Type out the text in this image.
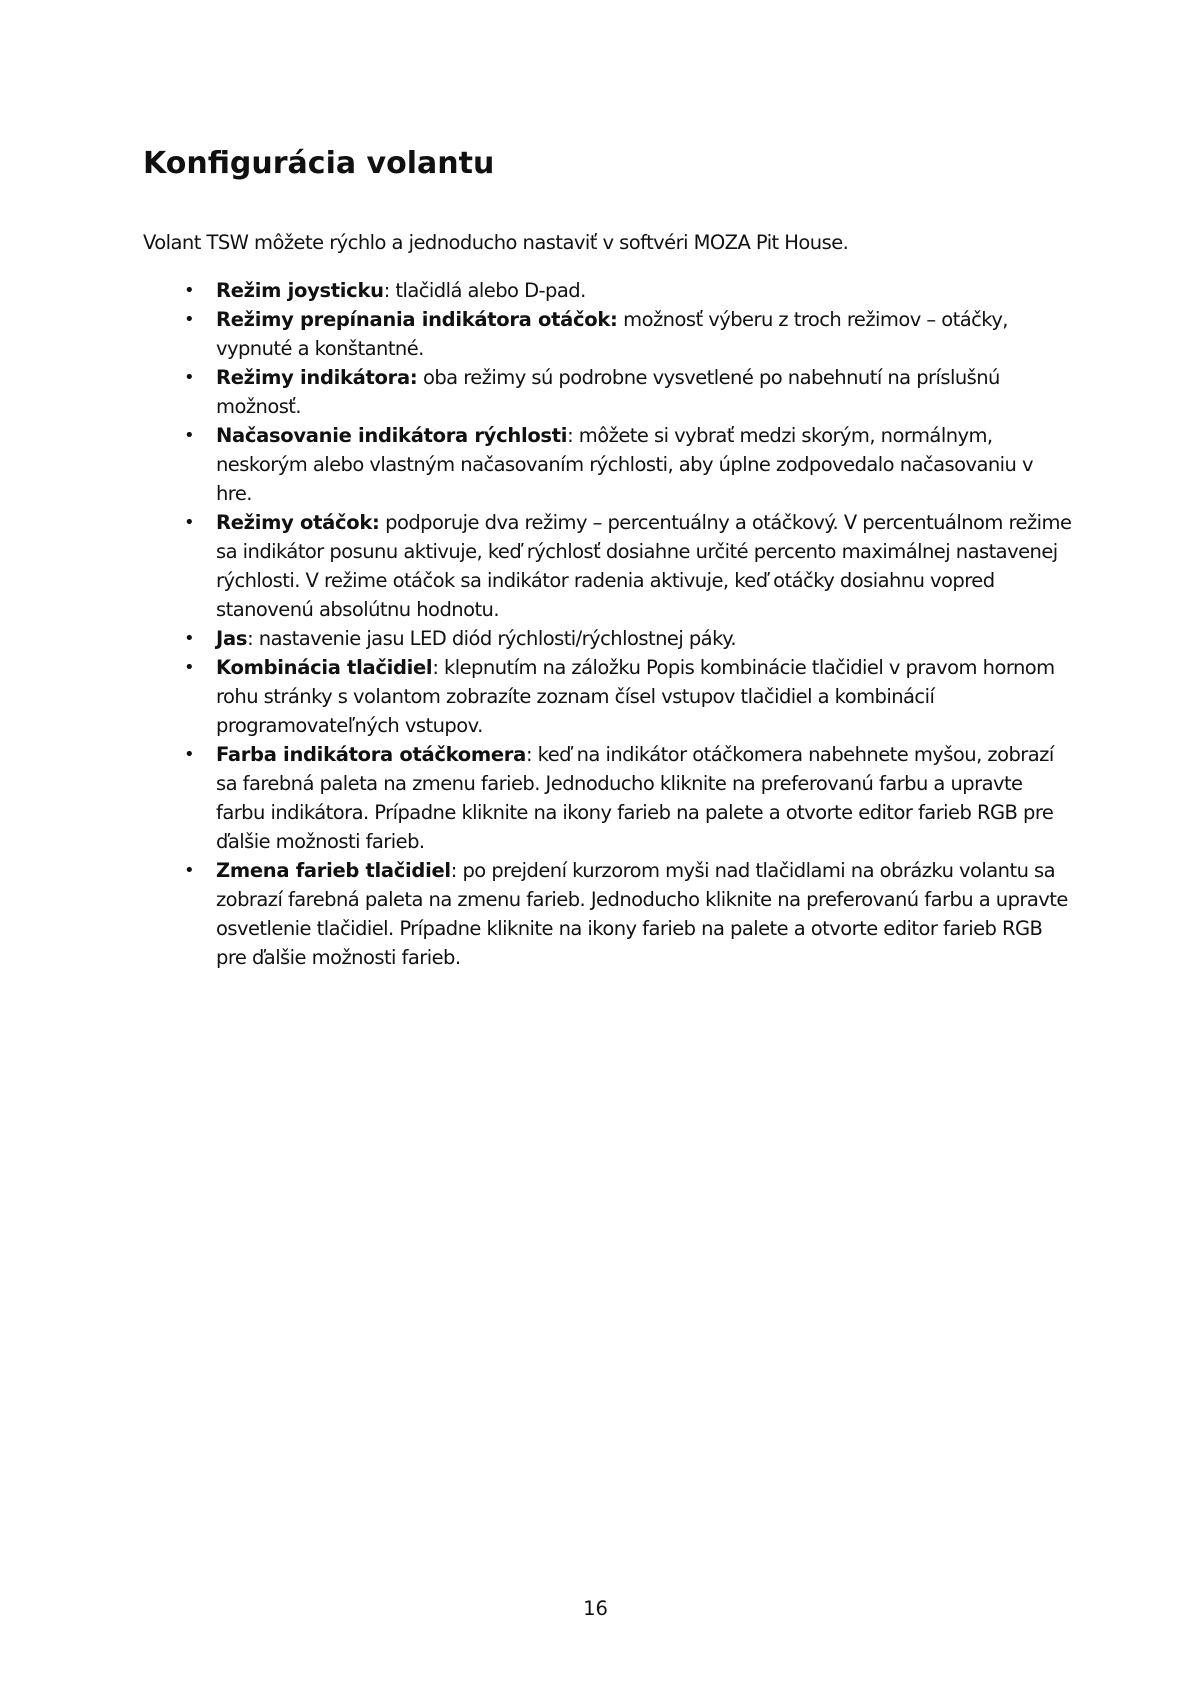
Konfigurácia volantu

Volant TSW môžete rýchlo a jednoducho nastaviť v softvéri MOZA Pit House.

• Režim joysticku: tlačidlá alebo D-pad.
• Režimy prepínania indikátora otáčok: možnosť výberu z troch režimov – otáčky, vypnuté a konštantné.
• Režimy indikátora: oba režimy sú podrobne vysvetlené po nabehnutí na príslušnú možnosť.
• Načasovanie indikátora rýchlosti: môžete si vybrať medzi skorým, normálnym, neskorým alebo vlastným načasovaním rýchlosti, aby úplne zodpovedalo načasovaniu v hre.
• Režimy otáčok: podporuje dva režimy – percentuálny a otáčkový. V percentuálnom režime sa indikátor posunu aktivuje, keď rýchlosť dosiahne určité percento maximálnej nastavenej rýchlosti. V režime otáčok sa indikátor radenia aktivuje, keď otáčky dosiahnu vopred stanovenú absolútnu hodnotu.
• Jas: nastavenie jasu LED diód rýchlosti/rýchlostnej páky.
• Kombinácia tlačidiel: klepnutím na záložku Popis kombinácie tlačidiel v pravom hornom rohu stránky s volantom zobrazíte zoznam čísel vstupov tlačidiel a kombinácií programovateľných vstupov.
• Farba indikátora otáčkomera: keď na indikátor otáčkomera nabehnete myšou, zobrazí sa farebná paleta na zmenu farieb. Jednoducho kliknite na preferovanú farbu a upravte farbu indikátora. Prípadne kliknite na ikony farieb na palete a otvorte editor farieb RGB pre ďalšie možnosti farieb.
• Zmena farieb tlačidiel: po prejdení kurzorom myši nad tlačidlami na obrázku volantu sa zobrazí farebná paleta na zmenu farieb. Jednoducho kliknite na preferovanú farbu a upravte osvetlenie tlačidiel. Prípadne kliknite na ikony farieb na palete a otvorte editor farieb RGB pre ďalšie možnosti farieb.

16
